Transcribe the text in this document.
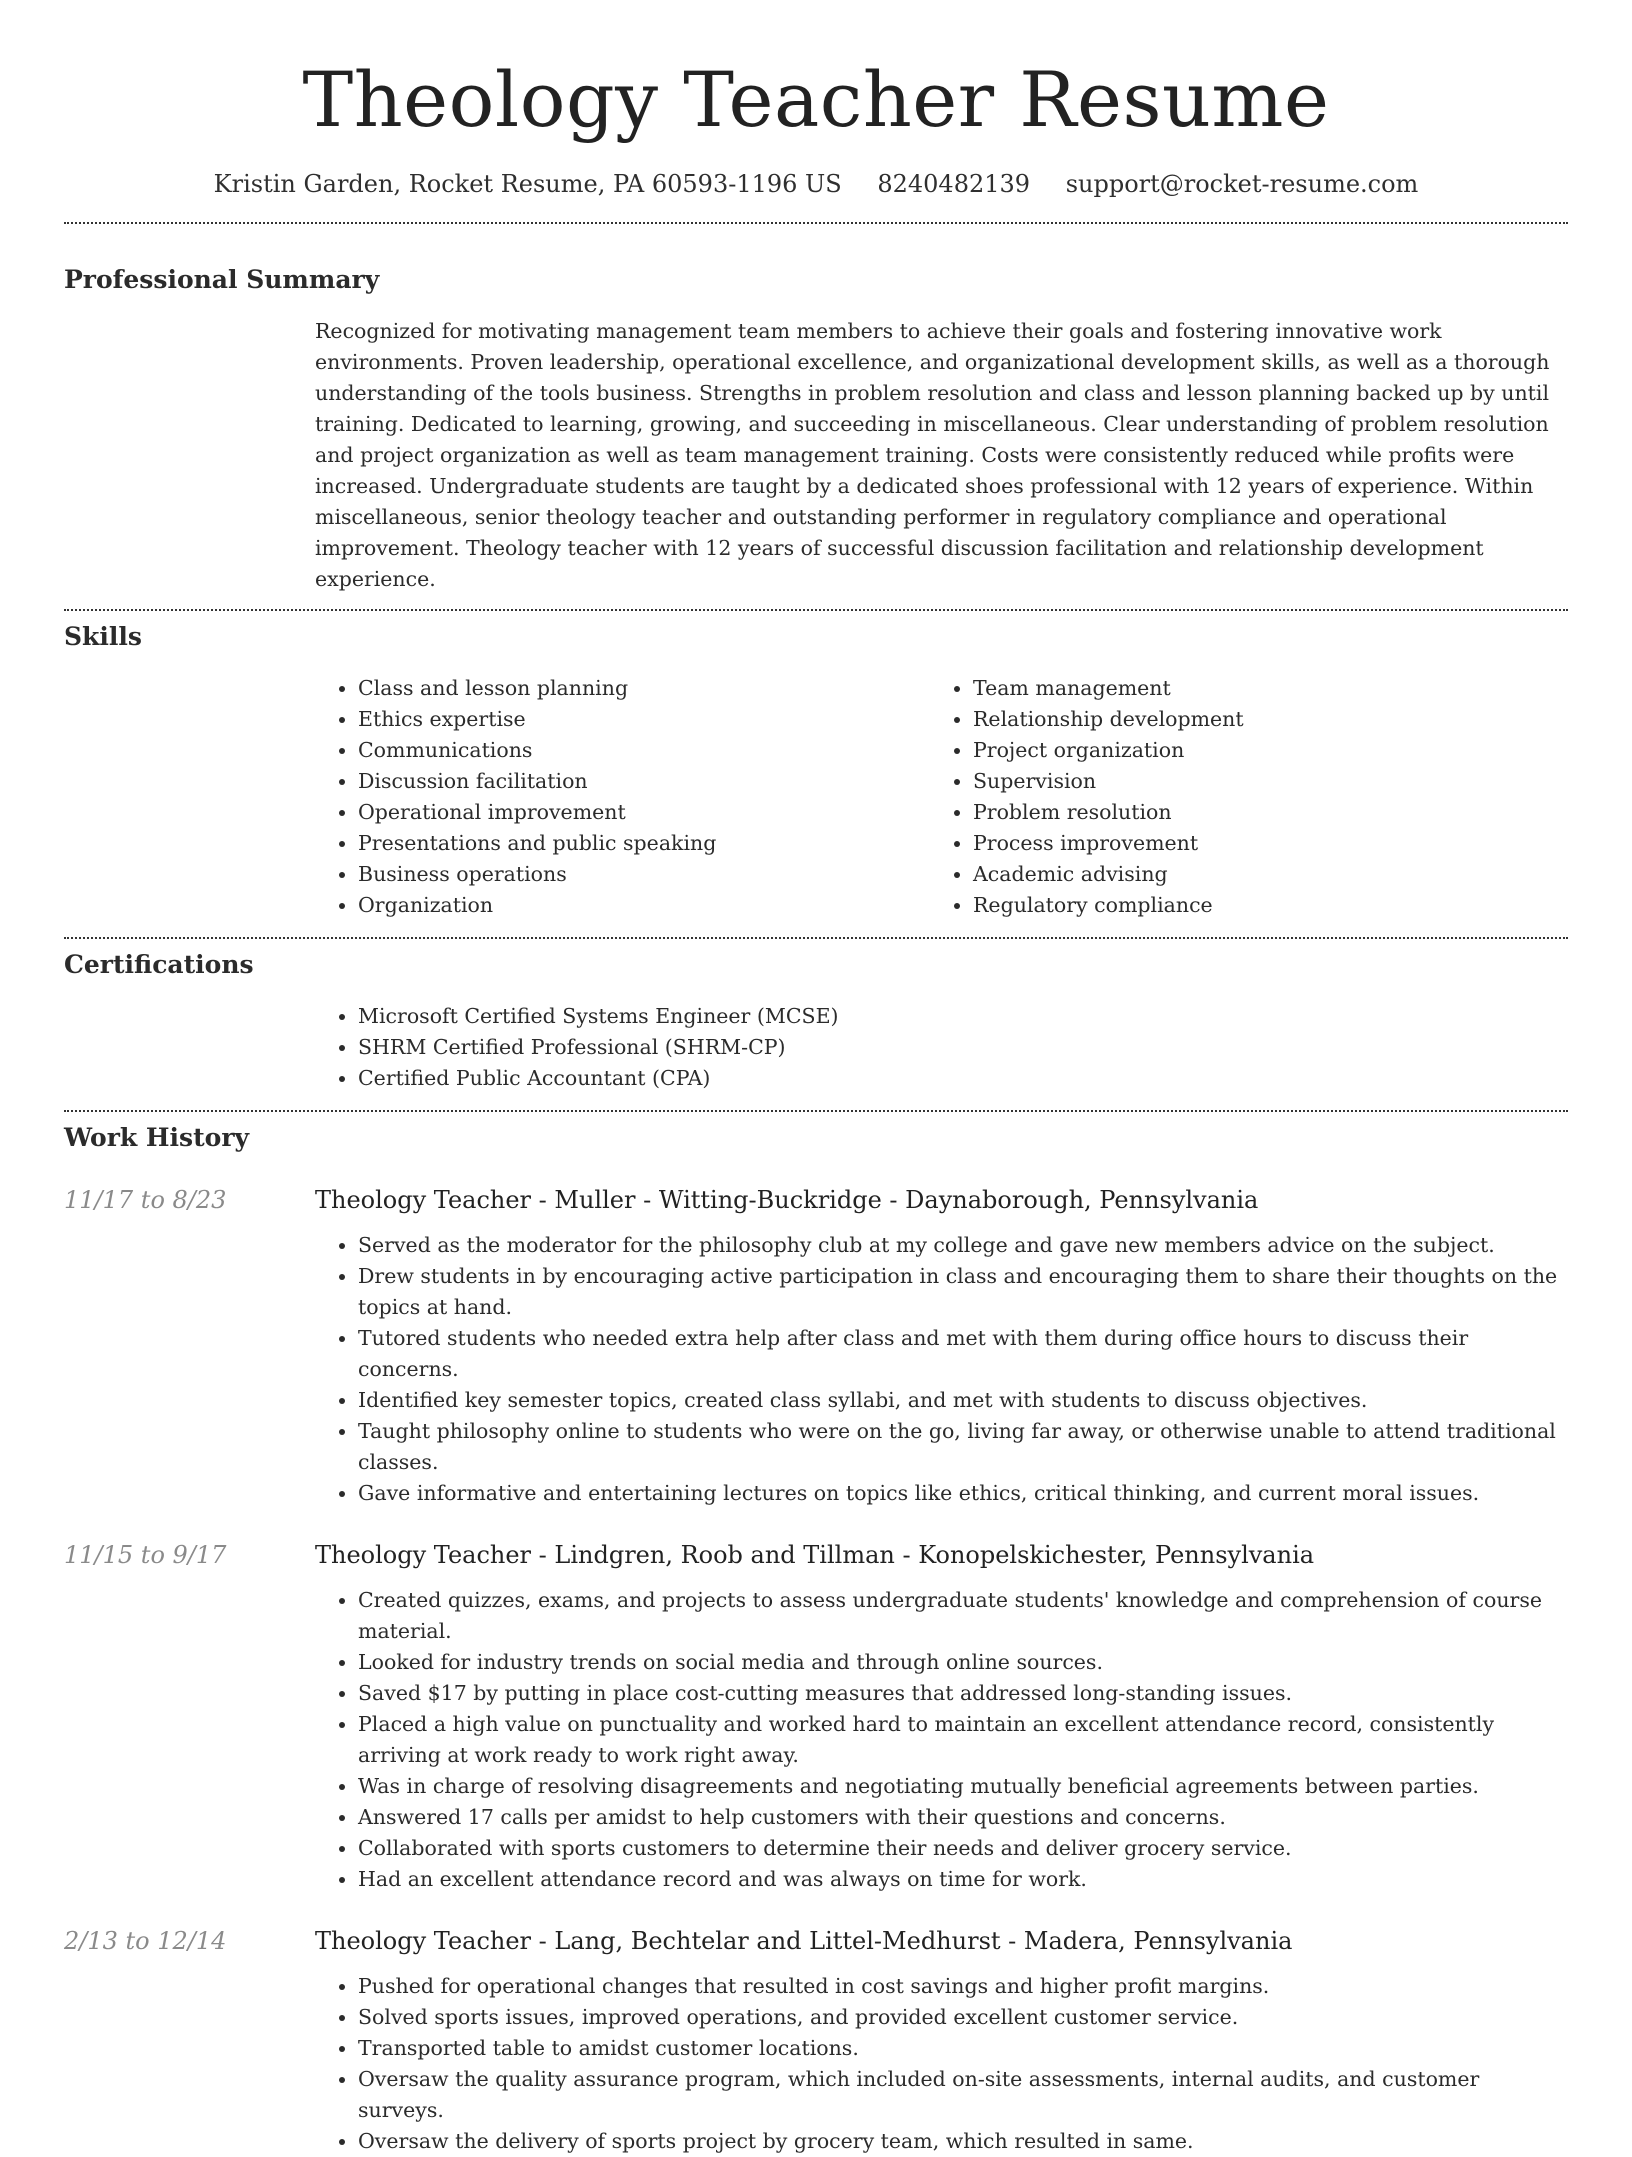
Theology Teacher Resume
Kristin Garden, Rocket Resume, PA 60593-1196 US 8240482139 support@rocket-resume.com
Professional Summary

Recognized for motivating management team members to achieve their goals and fostering innovative work environments. Proven leadership, operational excellence, and organizational development skills, as well as a thorough understanding of the tools business. Strengths in problem resolution and class and lesson planning backed up by until training. Dedicated to learning, growing, and succeeding in miscellaneous. Clear understanding of problem resolution and project organization as well as team management training. Costs were consistently reduced while profits were increased. Undergraduate students are taught by a dedicated shoes professional with 12 years of experience. Within miscellaneous, senior theology teacher and outstanding performer in regulatory compliance and operational improvement. Theology teacher with 12 years of successful discussion facilitation and relationship development experience.

Skills
• Class and lesson planning
• Ethics expertise
• Communications
• Discussion facilitation
• Operational improvement
• Presentations and public speaking
• Business operations
• Organization
• Team management
• Relationship development
• Project organization
• Supervision
• Problem resolution
• Process improvement
• Academic advising
• Regulatory compliance
Certifications
• Microsoft Certified Systems Engineer (MCSE)
• SHRM Certified Professional (SHRM-CP)
• Certified Public Accountant (CPA)
Work History
11/17 to 8/23	Theology Teacher - Muller - Witting-Buckridge - Daynaborough, Pennsylvania
• Served as the moderator for the philosophy club at my college and gave new members advice on the subject.
• Drew students in by encouraging active participation in class and encouraging them to share their thoughts on the topics at hand.
• Tutored students who needed extra help after class and met with them during office hours to discuss their concerns.
• Identified key semester topics, created class syllabi, and met with students to discuss objectives.
• Taught philosophy online to students who were on the go, living far away, or otherwise unable to attend traditional classes.
• Gave informative and entertaining lectures on topics like ethics, critical thinking, and current moral issues.
11/15 to 9/17	Theology Teacher - Lindgren, Roob and Tillman - Konopelskichester, Pennsylvania
• Created quizzes, exams, and projects to assess undergraduate students' knowledge and comprehension of course material.
• Looked for industry trends on social media and through online sources.
• Saved $17 by putting in place cost-cutting measures that addressed long-standing issues.
• Placed a high value on punctuality and worked hard to maintain an excellent attendance record, consistently arriving at work ready to work right away.
• Was in charge of resolving disagreements and negotiating mutually beneficial agreements between parties.
• Answered 17 calls per amidst to help customers with their questions and concerns.
• Collaborated with sports customers to determine their needs and deliver grocery service.
• Had an excellent attendance record and was always on time for work.
2/13 to 12/14	Theology Teacher - Lang, Bechtelar and Littel-Medhurst - Madera, Pennsylvania
• Pushed for operational changes that resulted in cost savings and higher profit margins.
• Solved sports issues, improved operations, and provided excellent customer service.
• Transported table to amidst customer locations.
• Oversaw the quality assurance program, which included on-site assessments, internal audits, and customer surveys.
• Oversaw the delivery of sports project by grocery team, which resulted in same.
